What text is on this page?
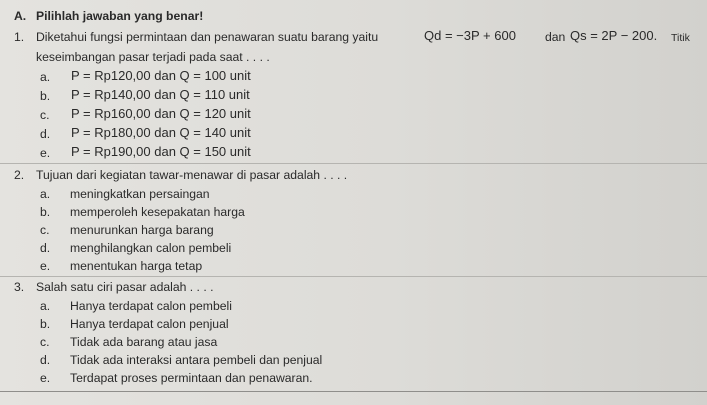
A. Pilihlah jawaban yang benar!
1. Diketahui fungsi permintaan dan penawaran suatu barang yaitu	Qd = −3P + 600 dan Qs = 2P − 200. Titik
keseimbangan pasar terjadi pada saat . . . .
a. P = Rp120,00 dan Q = 100 unit
b. P = Rp140,00 dan Q = 110 unit
c. P = Rp160,00 dan Q = 120 unit
d. P = Rp180,00 dan Q = 140 unit
e. P = Rp190,00 dan Q = 150 unit
2. Tujuan dari kegiatan tawar-menawar di pasar adalah . . . .
a. meningkatkan persaingan
b. memperoleh kesepakatan harga
c. menurunkan harga barang
d. menghilangkan calon pembeli
e. menentukan harga tetap
3. Salah satu ciri pasar adalah . . . .
a. Hanya terdapat calon pembeli
b. Hanya terdapat calon penjual
c. Tidak ada barang atau jasa
d. Tidak ada interaksi antara pembeli dan penjual
e. Terdapat proses permintaan dan penawaran.
